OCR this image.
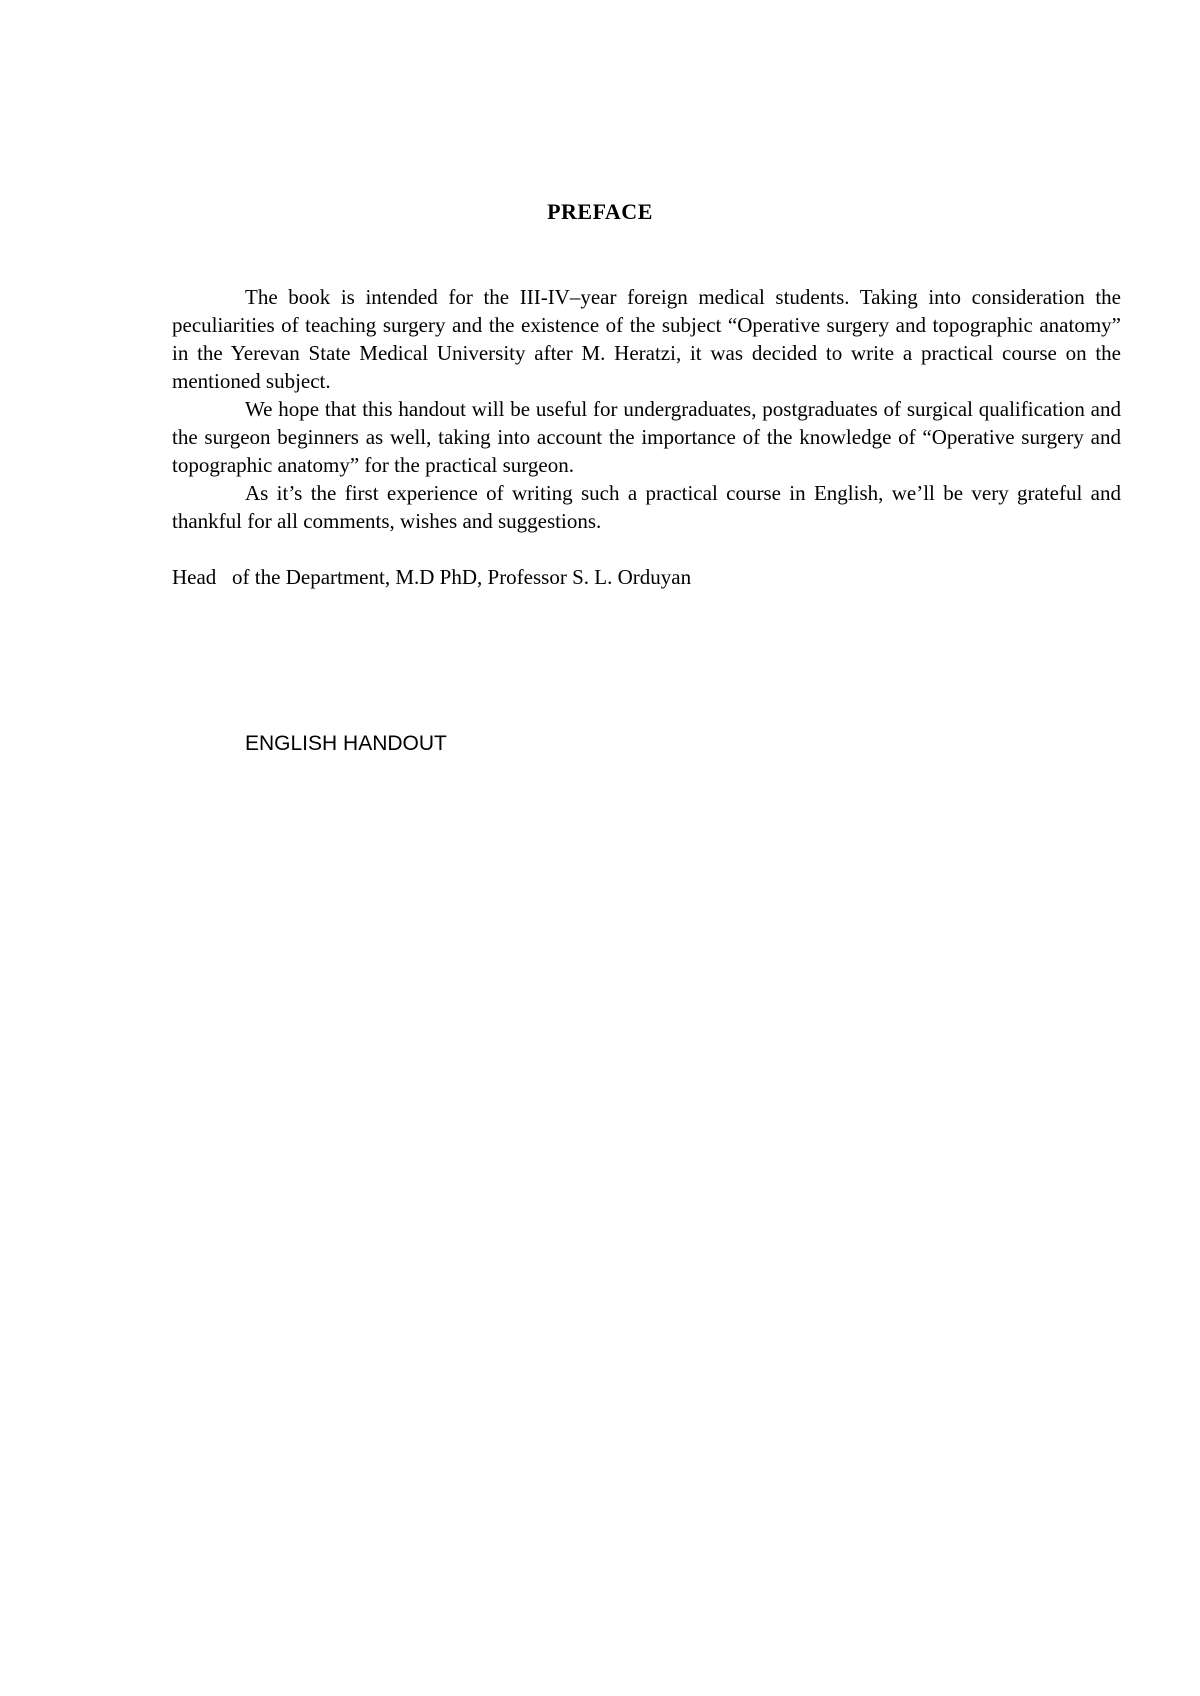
PREFACE

The book is intended for the III-IV–year foreign medical students. Taking into consideration the peculiarities of teaching surgery and the existence of the subject “Operative surgery and topographic anatomy” in the Yerevan State Medical University after M. Heratzi, it was decided to write a practical course on the mentioned subject.

We hope that this handout will be useful for undergraduates, postgraduates of surgical qualification and the surgeon beginners as well, taking into account the importance of the knowledge of “Operative surgery and topographic anatomy” for the practical surgeon.

As it’s the first experience of writing such a practical course in English, we’ll be very grateful and thankful for all comments, wishes and suggestions.

Head   of the Department, M.D PhD, Professor S. L. Orduyan
ENGLISH HANDOUT
